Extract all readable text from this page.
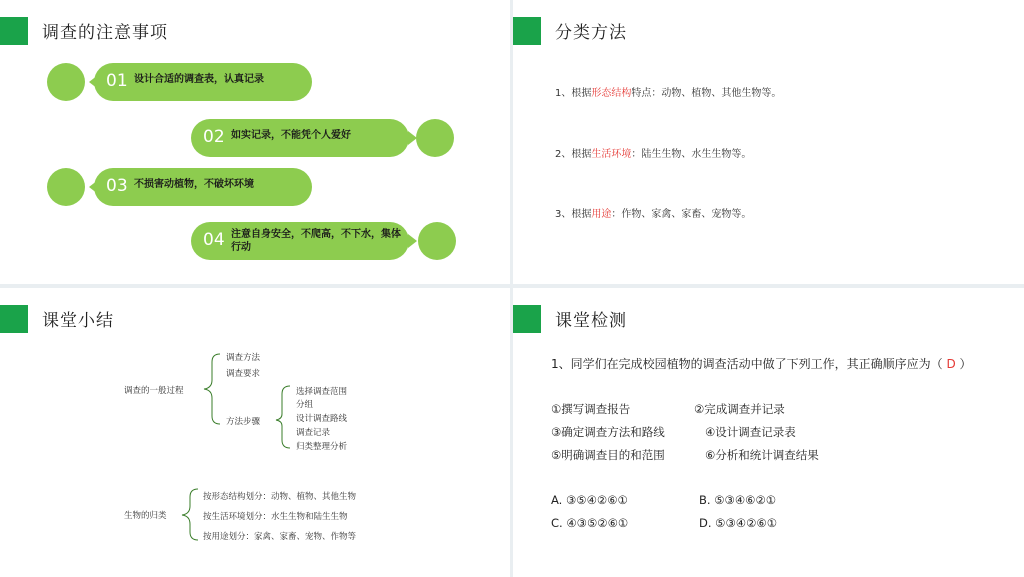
调查的注意事项
01 设计合适的调查表，认真记录
02 如实记录，不能凭个人爱好
03 不损害动植物，不破坏环境
04 注意自身安全，不爬高，不下水，集体行动
分类方法
1、根据形态结构特点：动物、植物、其他生物等。
2、根据生活环境：陆生生物、水生生物等。
3、根据用途：作物、家禽、家畜、宠物等。
课堂小结
调查的一般过程
调查方法
调查要求
方法步骤
选择调查范围
分组
设计调查路线
调查记录
归类整理分析
生物的归类
按形态结构划分：动物、植物、其他生物
按生活环境划分：水生生物和陆生生物
按用途划分：家禽、家畜、宠物、作物等
课堂检测
1、同学们在完成校园植物的调查活动中做了下列工作，其正确顺序应为（ D ）
①撰写调查报告	②完成调查并记录
③确定调查方法和路线	④设计调查记录表
⑤明确调查目的和范围	⑥分析和统计调查结果
A. ③⑤④②⑥①	B. ⑤③④⑥②①
C. ④③⑤②⑥①	D. ⑤③④②⑥①
